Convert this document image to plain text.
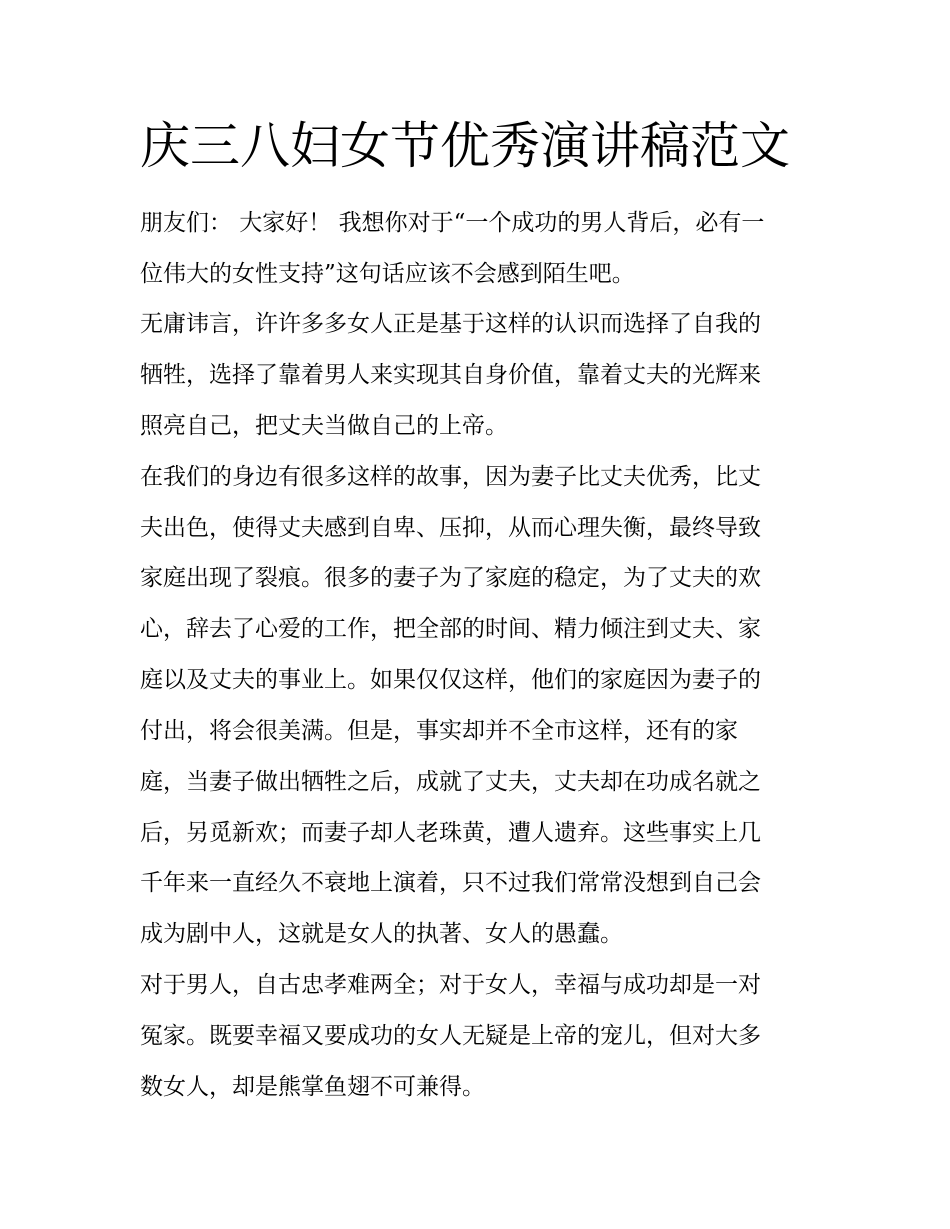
庆三八妇女节优秀演讲稿范文

朋友们： 大家好！ 我想你对于“一个成功的男人背后，必有一

位伟大的女性支持”这句话应该不会感到陌生吧。

无庸讳言，许许多多女人正是基于这样的认识而选择了自我的

牺牲，选择了靠着男人来实现其自身价值，靠着丈夫的光辉来

照亮自己，把丈夫当做自己的上帝。

在我们的身边有很多这样的故事，因为妻子比丈夫优秀，比丈

夫出色，使得丈夫感到自卑、压抑，从而心理失衡，最终导致

家庭出现了裂痕。很多的妻子为了家庭的稳定，为了丈夫的欢

心，辞去了心爱的工作，把全部的时间、精力倾注到丈夫、家

庭以及丈夫的事业上。如果仅仅这样，他们的家庭因为妻子的

付出，将会很美满。但是，事实却并不全市这样，还有的家

庭，当妻子做出牺牲之后，成就了丈夫，丈夫却在功成名就之

后，另觅新欢；而妻子却人老珠黄，遭人遗弃。这些事实上几

千年来一直经久不衰地上演着，只不过我们常常没想到自己会

成为剧中人，这就是女人的执著、女人的愚蠢。

对于男人，自古忠孝难两全；对于女人，幸福与成功却是一对

冤家。既要幸福又要成功的女人无疑是上帝的宠儿，但对大多

数女人，却是熊掌鱼翅不可兼得。
